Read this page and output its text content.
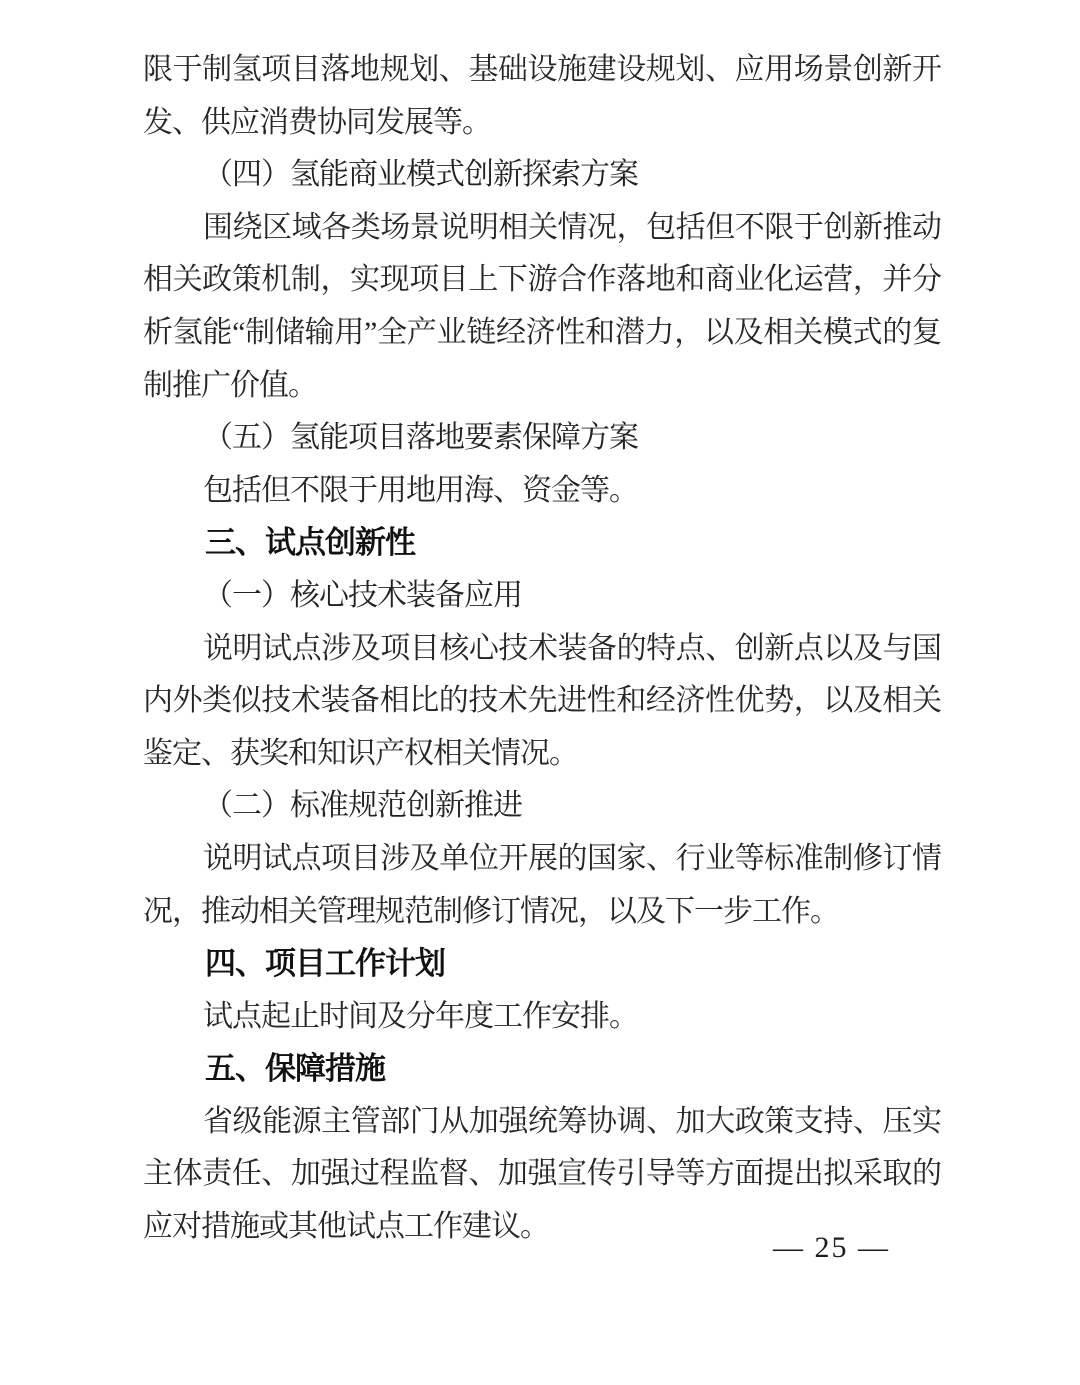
限于制氢项目落地规划、基础设施建设规划、应用场景创新开发、供应消费协同发展等。

（四）氢能商业模式创新探索方案

围绕区域各类场景说明相关情况，包括但不限于创新推动相关政策机制，实现项目上下游合作落地和商业化运营，并分析氢能“制储输用”全产业链经济性和潜力，以及相关模式的复制推广价值。

（五）氢能项目落地要素保障方案

包括但不限于用地用海、资金等。

三、试点创新性

（一）核心技术装备应用

说明试点涉及项目核心技术装备的特点、创新点以及与国内外类似技术装备相比的技术先进性和经济性优势，以及相关鉴定、获奖和知识产权相关情况。

（二）标准规范创新推进

说明试点项目涉及单位开展的国家、行业等标准制修订情况，推动相关管理规范制修订情况，以及下一步工作。

四、项目工作计划

试点起止时间及分年度工作安排。

五、保障措施

省级能源主管部门从加强统筹协调、加大政策支持、压实主体责任、加强过程监督、加强宣传引导等方面提出拟采取的应对措施或其他试点工作建议。

— 25 —
